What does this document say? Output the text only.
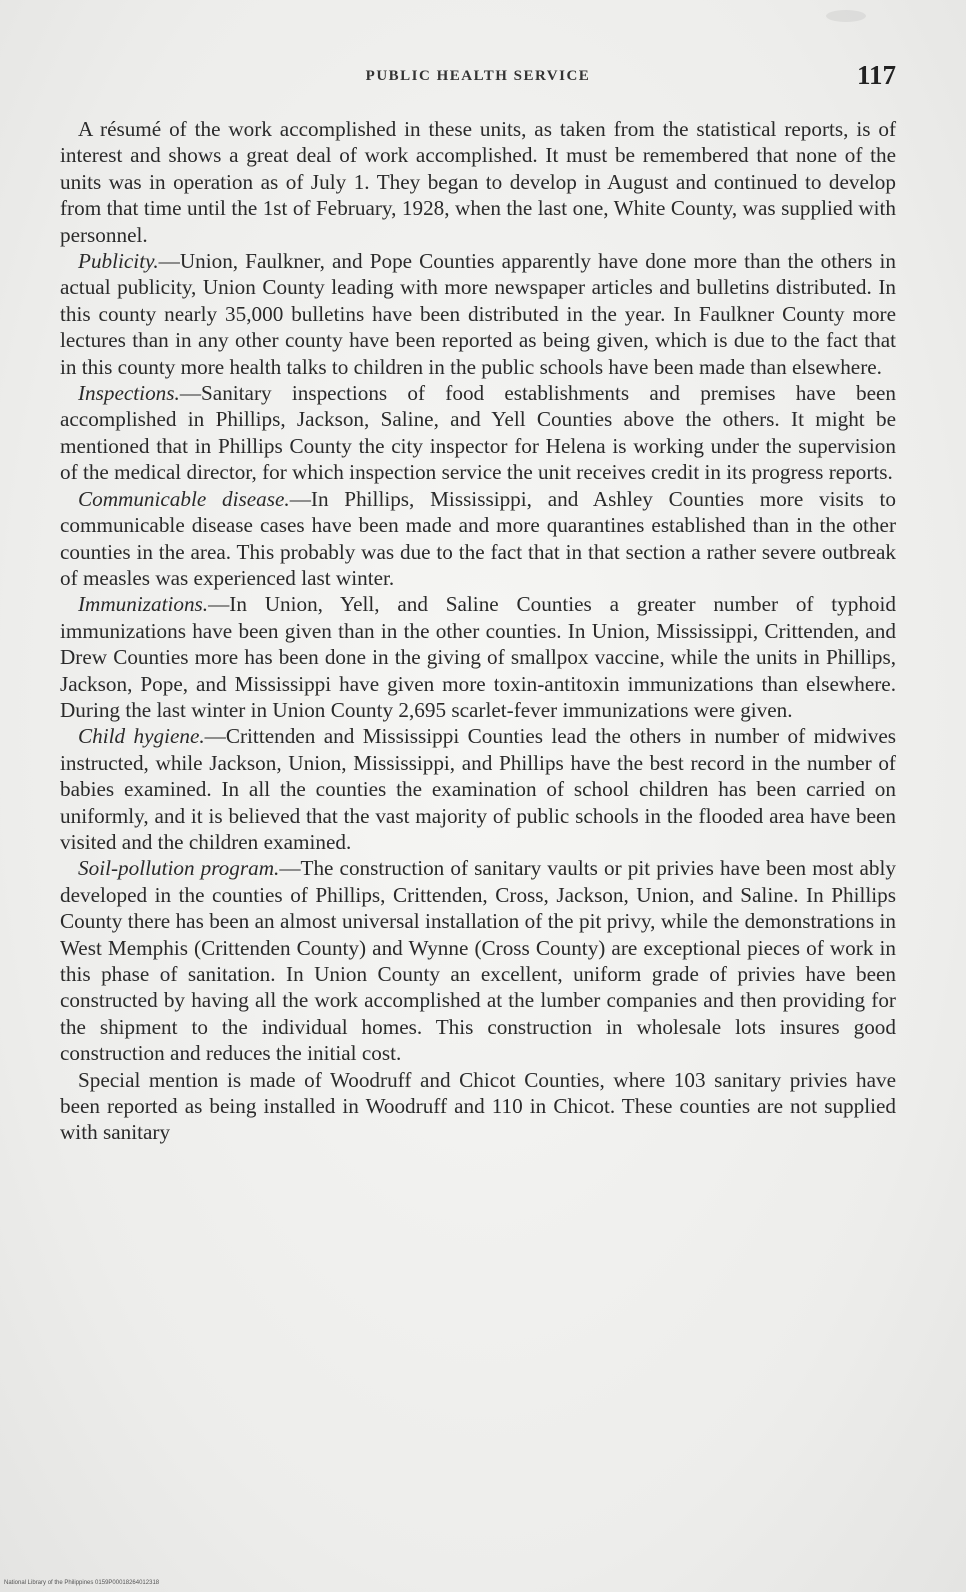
PUBLIC HEALTH SERVICE	117

A résumé of the work accomplished in these units, as taken from the statistical reports, is of interest and shows a great deal of work accomplished. It must be remembered that none of the units was in operation as of July 1. They began to develop in August and continued to develop from that time until the 1st of February, 1928, when the last one, White County, was supplied with personnel.

Publicity.—Union, Faulkner, and Pope Counties apparently have done more than the others in actual publicity, Union County leading with more newspaper articles and bulletins distributed. In this county nearly 35,000 bulletins have been distributed in the year. In Faulkner County more lectures than in any other county have been reported as being given, which is due to the fact that in this county more health talks to children in the public schools have been made than elsewhere.

Inspections.—Sanitary inspections of food establishments and premises have been accomplished in Phillips, Jackson, Saline, and Yell Counties above the others. It might be mentioned that in Phillips County the city inspector for Helena is working under the supervision of the medical director, for which inspection service the unit receives credit in its progress reports.

Communicable disease.—In Phillips, Mississippi, and Ashley Counties more visits to communicable disease cases have been made and more quarantines established than in the other counties in the area. This probably was due to the fact that in that section a rather severe outbreak of measles was experienced last winter.

Immunizations.—In Union, Yell, and Saline Counties a greater number of typhoid immunizations have been given than in the other counties. In Union, Mississippi, Crittenden, and Drew Counties more has been done in the giving of smallpox vaccine, while the units in Phillips, Jackson, Pope, and Mississippi have given more toxin-antitoxin immunizations than elsewhere. During the last winter in Union County 2,695 scarlet-fever immunizations were given.

Child hygiene.—Crittenden and Mississippi Counties lead the others in number of midwives instructed, while Jackson, Union, Mississippi, and Phillips have the best record in the number of babies examined. In all the counties the examination of school children has been carried on uniformly, and it is believed that the vast majority of public schools in the flooded area have been visited and the children examined.

Soil-pollution program.—The construction of sanitary vaults or pit privies have been most ably developed in the counties of Phillips, Crittenden, Cross, Jackson, Union, and Saline. In Phillips County there has been an almost universal installation of the pit privy, while the demonstrations in West Memphis (Crittenden County) and Wynne (Cross County) are exceptional pieces of work in this phase of sanitation. In Union County an excellent, uniform grade of privies have been constructed by having all the work accomplished at the lumber companies and then providing for the shipment to the individual homes. This construction in wholesale lots insures good construction and reduces the initial cost.

Special mention is made of Woodruff and Chicot Counties, where 103 sanitary privies have been reported as being installed in Woodruff and 110 in Chicot. These counties are not supplied with sanitary

National Library of the Philippines 0159P00018264012318
